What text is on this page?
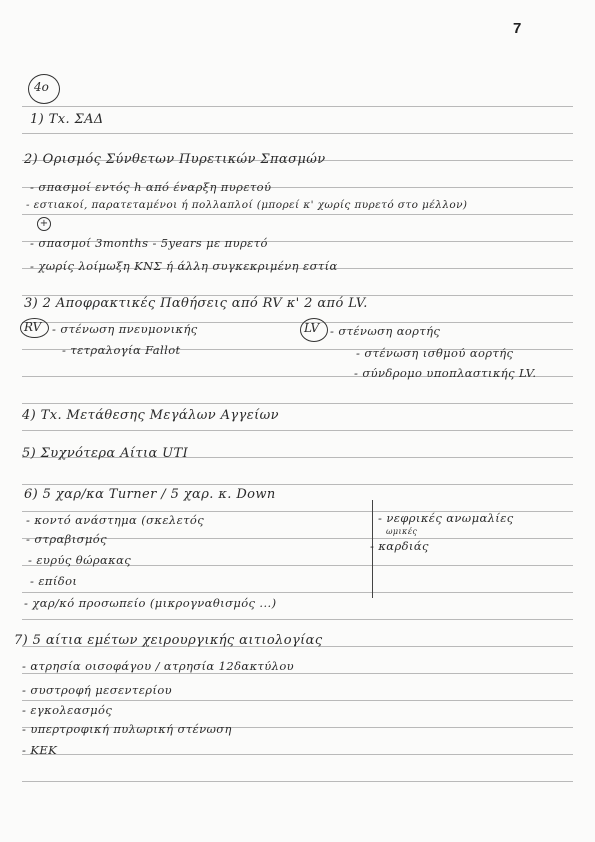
7
4o
1) Tx. ΣΑΔ
2) Ορισμός Σύνθετων Πυρετικών Σπασμών
- σπασμοί εντός h από έναρξη πυρετού
- εστιακοί, παρατεταμένοι ή πολλαπλοί (μπορεί κ' χωρίς πυρετό στο μέλλον)
+
- σπασμοί 3months - 5years με πυρετό
- χωρίς λοίμωξη ΚΝΣ ή άλλη συγκεκριμένη εστία
3) 2 Αποφρακτικές Παθήσεις από RV κ' 2 από LV.
RV - στένωση πνευμονικής
- τετραλογία Fallot
LV - στένωση αορτής
- στένωση ισθμού αορτής
- σύνδρομο υποπλαστικής LV.
4) Tx. Μετάθεσης Μεγάλων Αγγείων
5) Συχνότερα Αίτια UTI
6) 5 χαρ/κα Turner / 5 χαρ. κ. Down
- κοντό ανάστημα (σκελετός
- στραβισμός
- ευρύς θώρακας
- επίδοι
- χαρ/κό προσωπείο (μικρογναθισμός ...)
- νεφρικές ανωμαλίες
ωμικές
- καρδιάς
7) 5 αίτια εμέτων χειρουργικής αιτιολογίας
- ατρησία οισοφάγου / ατρησία 12δακτύλου
- συστροφή μεσεντερίου
- εγκολεασμός
- υπερτροφική πυλωρική στένωση
- ΚΕΚ
